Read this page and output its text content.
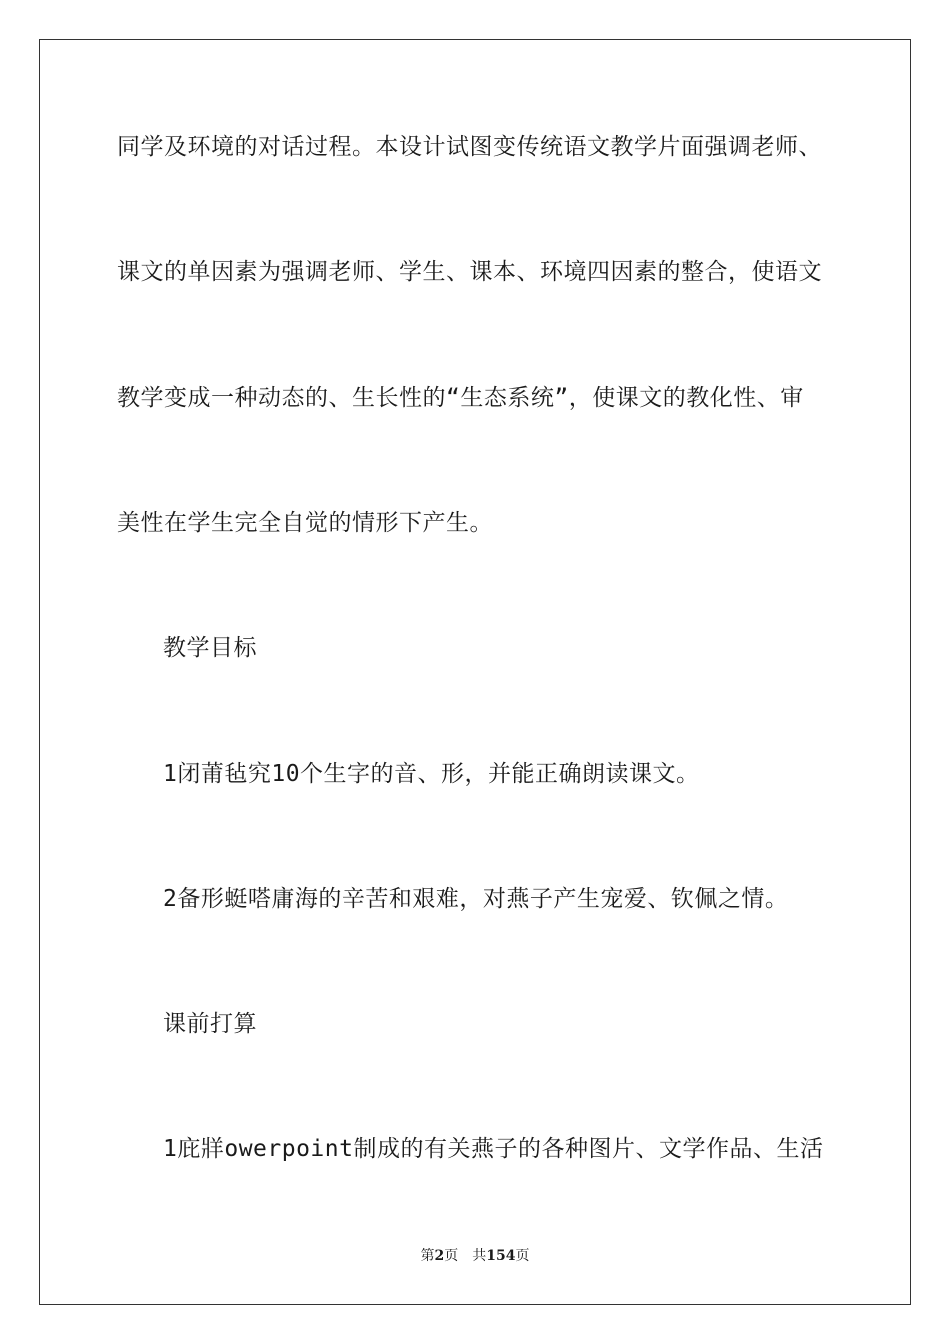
同学及环境的对话过程。本设计试图变传统语文教学片面强调老师、
课文的单因素为强调老师、学生、课本、环境四因素的整合，使语文
教学变成一种动态的、生长性的“生态系统”，使课文的教化性、审
美性在学生完全自觉的情形下产生。
教学目标
1闭莆毡究10个生字的音、形，并能正确朗读课文。
2备形蜓嗒庸海的辛苦和艰难，对燕子产生宠爱、钦佩之情。
课前打算
1庇牂owerpoint制成的有关燕子的各种图片、文学作品、生活
第2页 共154页
